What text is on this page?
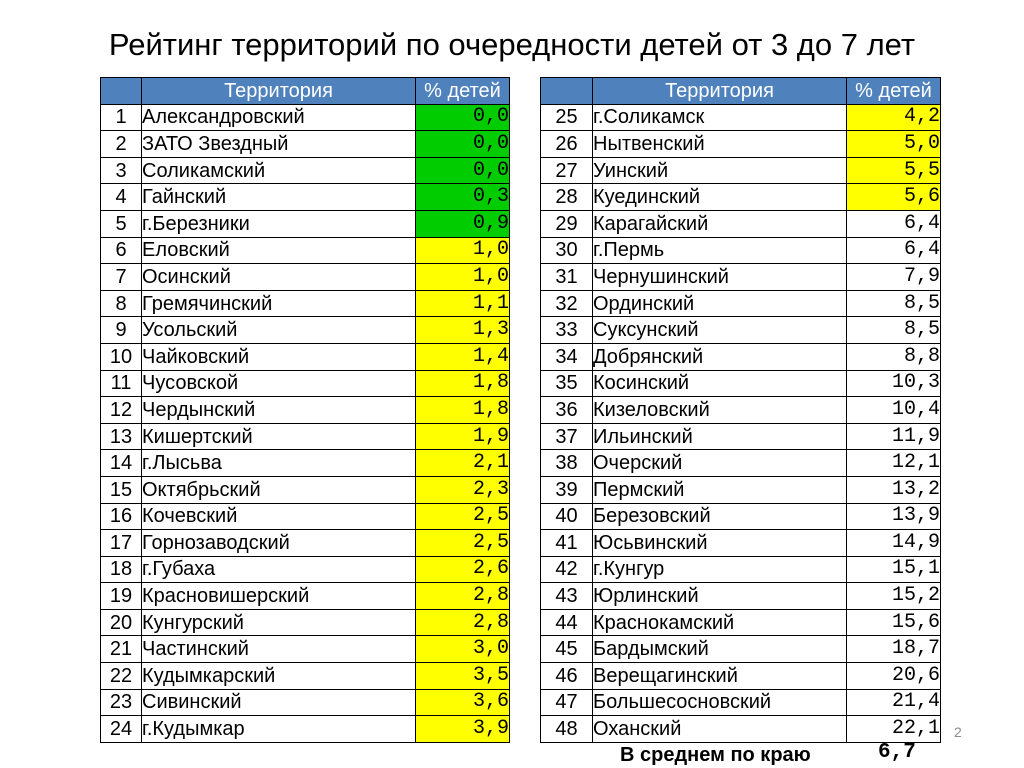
Рейтинг территорий по очередности детей от 3 до 7 лет
	Территория	% детей
1	Александровский	0,0
2	ЗАТО Звездный	0,0
3	Соликамский	0,0
4	Гайнский	0,3
5	г.Березники	0,9
6	Еловский	1,0
7	Осинский	1,0
8	Гремячинский	1,1
9	Усольский	1,3
10	Чайковский	1,4
11	Чусовской	1,8
12	Чердынский	1,8
13	Кишертский	1,9
14	г.Лысьва	2,1
15	Октябрьский	2,3
16	Кочевский	2,5
17	Горнозаводский	2,5
18	г.Губаха	2,6
19	Красновишерский	2,8
20	Кунгурский	2,8
21	Частинский	3,0
22	Кудымкарский	3,5
23	Сивинский	3,6
24	г.Кудымкар	3,9
	Территория	% детей
25	г.Соликамск	4,2
26	Нытвенский	5,0
27	Уинский	5,5
28	Куединский	5,6
29	Карагайский	6,4
30	г.Пермь	6,4
31	Чернушинский	7,9
32	Ординский	8,5
33	Суксунский	8,5
34	Добрянский	8,8
35	Косинский	10,3
36	Кизеловский	10,4
37	Ильинский	11,9
38	Очерский	12,1
39	Пермский	13,2
40	Березовский	13,9
41	Юсьвинский	14,9
42	г.Кунгур	15,1
43	Юрлинский	15,2
44	Краснокамский	15,6
45	Бардымский	18,7
46	Верещагинский	20,6
47	Большесосновский	21,4
48	Оханский	22,1
В среднем по краю	6,7
2
